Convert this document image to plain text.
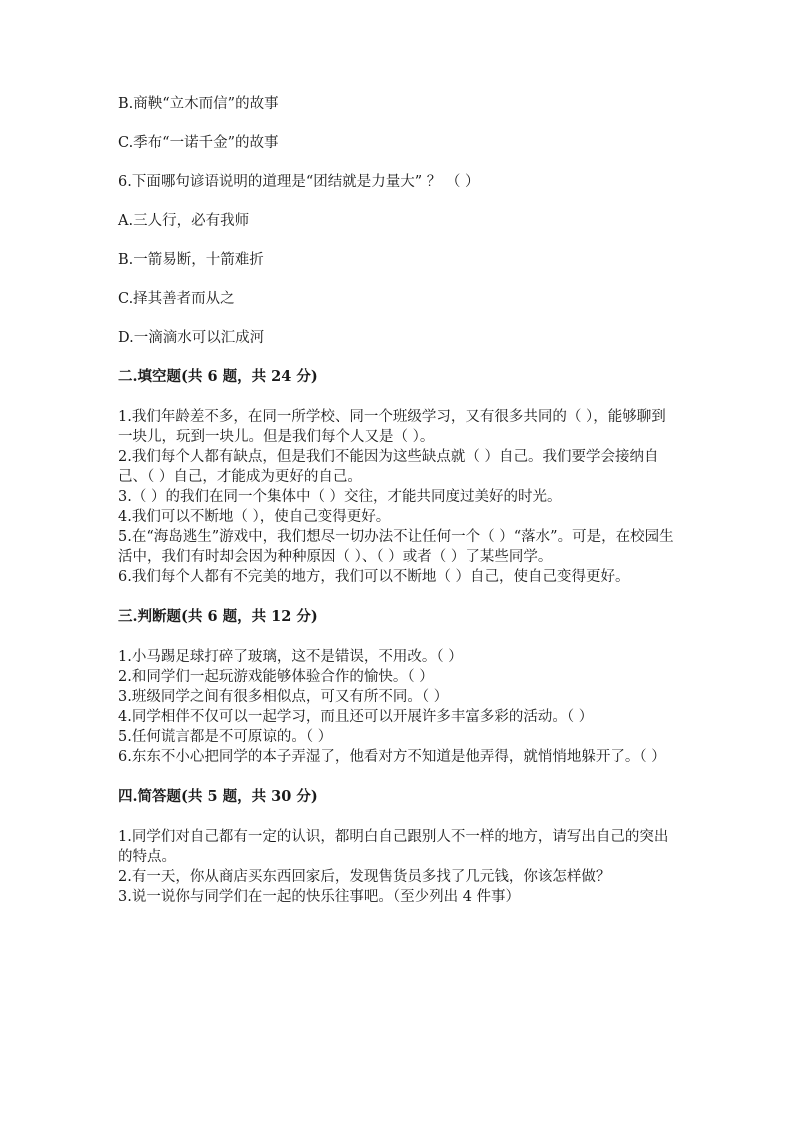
B.商鞅“立木而信”的故事
C.季布“一诺千金”的故事
6.下面哪句谚语说明的道理是“团结就是力量大” ？ （ ）
A.三人行，必有我师
B.一箭易断，十箭难折
C.择其善者而从之
D.一滴滴水可以汇成河
二.填空题(共 6 题，共 24 分)

1.我们年龄差不多，在同一所学校、同一个班级学习，又有很多共同的（ ），能够聊到一块儿，玩到一块儿。但是我们每个人又是（ ）。

2.我们每个人都有缺点，但是我们不能因为这些缺点就（ ）自己。我们要学会接纳自己、（ ）自己，才能成为更好的自己。

3.（ ）的我们在同一个集体中（ ）交往，才能共同度过美好的时光。

4.我们可以不断地（ ），使自己变得更好。

5.在“海岛逃生”游戏中，我们想尽一切办法不让任何一个（ ）“落水”。可是，在校园生活中，我们有时却会因为种种原因（ ）、（ ）或者（ ）了某些同学。

6.我们每个人都有不完美的地方，我们可以不断地（ ）自己，使自己变得更好。

三.判断题(共 6 题，共 12 分)

1.小马踢足球打碎了玻璃，这不是错误，不用改。（ ）

2.和同学们一起玩游戏能够体验合作的愉快。（ ）

3.班级同学之间有很多相似点，可又有所不同。（ ）

4.同学相伴不仅可以一起学习，而且还可以开展许多丰富多彩的活动。（ ）

5.任何谎言都是不可原谅的。（ ）

6.东东不小心把同学的本子弄湿了，他看对方不知道是他弄得，就悄悄地躲开了。（ ）

四.简答题(共 5 题，共 30 分)

1.同学们对自己都有一定的认识，都明白自己跟别人不一样的地方，请写出自己的突出的特点。

2.有一天，你从商店买东西回家后，发现售货员多找了几元钱，你该怎样做？

3.说一说你与同学们在一起的快乐往事吧。（至少列出 4 件事）
